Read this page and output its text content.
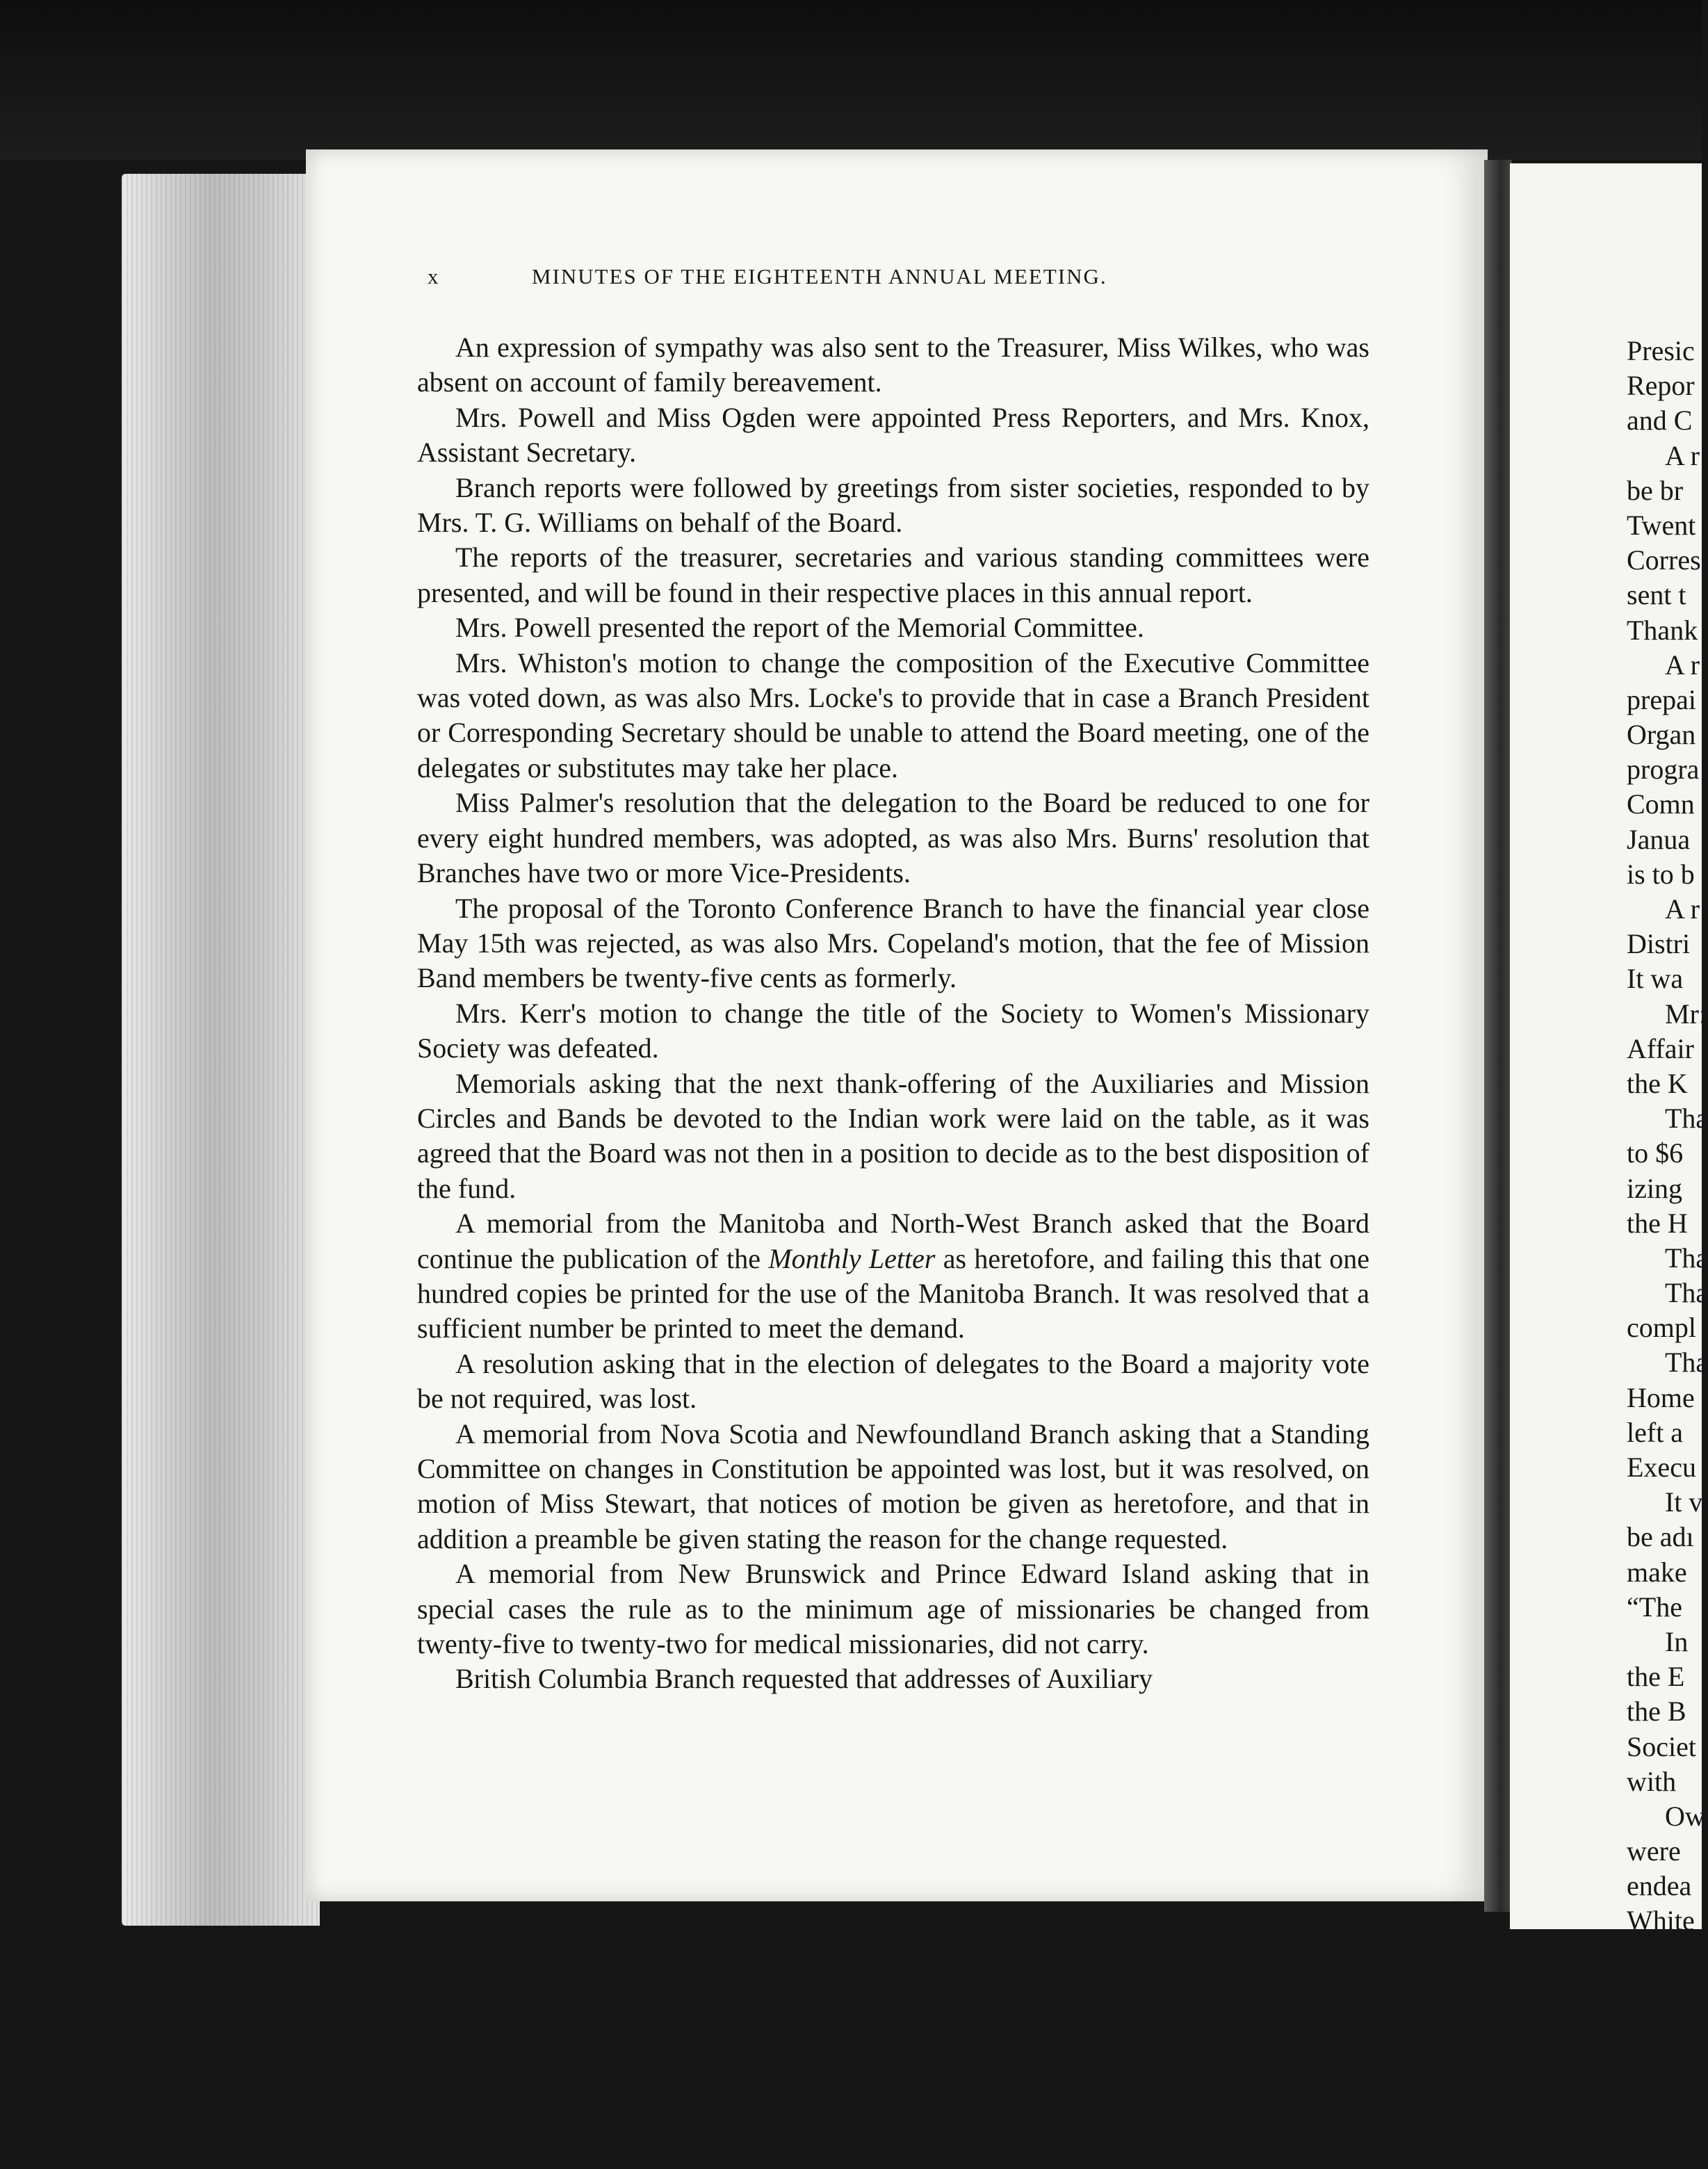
x	MINUTES OF THE EIGHTEENTH ANNUAL MEETING.

An expression of sympathy was also sent to the Treasurer, Miss Wilkes, who was absent on account of family bereavement.

Mrs. Powell and Miss Ogden were appointed Press Reporters, and Mrs. Knox, Assistant Secretary.

Branch reports were followed by greetings from sister societies, responded to by Mrs. T. G. Williams on behalf of the Board.

The reports of the treasurer, secretaries and various standing committees were presented, and will be found in their respective places in this annual report.

Mrs. Powell presented the report of the Memorial Committee.

Mrs. Whiston's motion to change the composition of the Executive Committee was voted down, as was also Mrs. Locke's to provide that in case a Branch President or Corresponding Secretary should be unable to attend the Board meeting, one of the delegates or substitutes may take her place.

Miss Palmer's resolution that the delegation to the Board be reduced to one for every eight hundred members, was adopted, as was also Mrs. Burns' resolution that Branches have two or more Vice-Presidents.

The proposal of the Toronto Conference Branch to have the financial year close May 15th was rejected, as was also Mrs. Copeland's motion, that the fee of Mission Band members be twenty-five cents as formerly.

Mrs. Kerr's motion to change the title of the Society to Women's Missionary Society was defeated.

Memorials asking that the next thank-offering of the Auxiliaries and Mission Circles and Bands be devoted to the Indian work were laid on the table, as it was agreed that the Board was not then in a position to decide as to the best disposition of the fund.

A memorial from the Manitoba and North-West Branch asked that the Board continue the publication of the Monthly Letter as heretofore, and failing this that one hundred copies be printed for the use of the Manitoba Branch. It was resolved that a sufficient number be printed to meet the demand.

A resolution asking that in the election of delegates to the Board a majority vote be not required, was lost.

A memorial from Nova Scotia and Newfoundland Branch asking that a Standing Committee on changes in Constitution be appointed was lost, but it was resolved, on motion of Miss Stewart, that notices of motion be given as heretofore, and that in addition a preamble be given stating the reason for the change requested.

A memorial from New Brunswick and Prince Edward Island asking that in special cases the rule as to the minimum age of missionaries be changed from twenty-five to twenty-two for medical missionaries, did not carry.

British Columbia Branch requested that addresses of Auxiliary

Presic
Repor
and C
A r
be br
Twent
Corres
sent t
Thank
A r
prepai
Organ
progra
Comn
Janua
is to b
A r
Distri
It wa
Mr:
Affair
the K
Tha
to $6
izing
the H
Tha
Tha
compl
Tha
Home
left a
Execu
It v
be adı
make
“The
In
the E
the B
Societ
with
Ow
were
endea
White
